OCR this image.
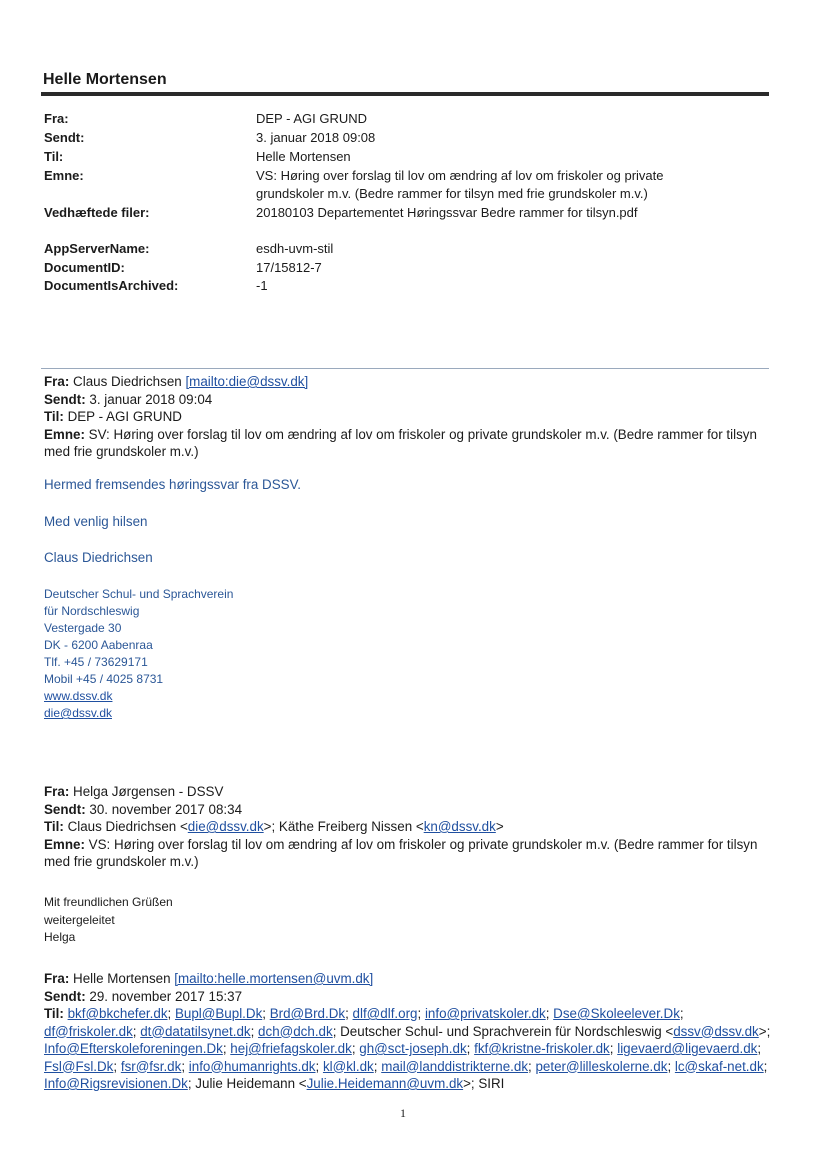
Helle Mortensen
Fra:	DEP - AGI GRUND
Sendt:	3. januar 2018 09:08
Til:	Helle Mortensen
Emne:	VS: Høring over forslag til lov om ændring af lov om friskoler og private grundskoler m.v. (Bedre rammer for tilsyn med frie grundskoler m.v.)
Vedhæftede filer:	20180103 Departementet Høringssvar Bedre rammer for tilsyn.pdf
AppServerName:	esdh-uvm-stil
DocumentID:	17/15812-7
DocumentIsArchived:	-1
Fra: Claus Diedrichsen [mailto:die@dssv.dk]
Sendt: 3. januar 2018 09:04
Til: DEP - AGI GRUND
Emne: SV: Høring over forslag til lov om ændring af lov om friskoler og private grundskoler m.v. (Bedre rammer for tilsyn med frie grundskoler m.v.)
Hermed fremsendes høringssvar fra DSSV.
Med venlig hilsen
Claus Diedrichsen
Deutscher Schul- und Sprachverein
für Nordschleswig
Vestergade 30
DK - 6200 Aabenraa
Tlf. +45 / 73629171
Mobil +45 / 4025 8731
www.dssv.dk
die@dssv.dk
Fra: Helga Jørgensen - DSSV
Sendt: 30. november 2017 08:34
Til: Claus Diedrichsen <die@dssv.dk>; Käthe Freiberg Nissen <kn@dssv.dk>
Emne: VS: Høring over forslag til lov om ændring af lov om friskoler og private grundskoler m.v. (Bedre rammer for tilsyn med frie grundskoler m.v.)
Mit freundlichen Grüßen
weitergeleitet
Helga
Fra: Helle Mortensen [mailto:helle.mortensen@uvm.dk]
Sendt: 29. november 2017 15:37
Til: bkf@bkchefer.dk; Bupl@Bupl.Dk; Brd@Brd.Dk; dlf@dlf.org; info@privatskoler.dk; Dse@Skoleelever.Dk; df@friskoler.dk; dt@datatilsynet.dk; dch@dch.dk; Deutscher Schul- und Sprachverein für Nordschleswig <dssv@dssv.dk>; Info@Efterskoleforeningen.Dk; hej@friefagskoler.dk; gh@sct-joseph.dk; fkf@kristne-friskoler.dk; ligevaerd@ligevaerd.dk; Fsl@Fsl.Dk; fsr@fsr.dk; info@humanrights.dk; kl@kl.dk; mail@landdistrikterne.dk; peter@lilleskolerne.dk; lc@skaf-net.dk; Info@Rigsrevisionen.Dk; Julie Heidemann <Julie.Heidemann@uvm.dk>; SIRI
1
